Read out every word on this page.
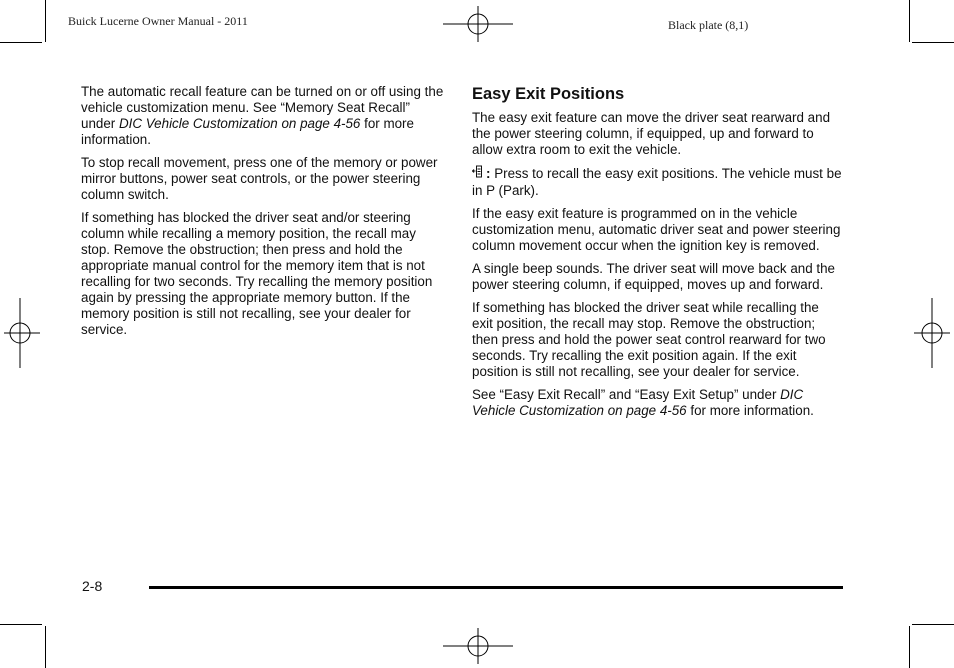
Buick Lucerne Owner Manual - 2011	Black plate (8,1)

The automatic recall feature can be turned on or off using the vehicle customization menu. See “Memory Seat Recall” under DIC Vehicle Customization on page 4-56 for more information.

To stop recall movement, press one of the memory or power mirror buttons, power seat controls, or the power steering column switch.

If something has blocked the driver seat and/or steering column while recalling a memory position, the recall may stop. Remove the obstruction; then press and hold the appropriate manual control for the memory item that is not recalling for two seconds. Try recalling the memory position again by pressing the appropriate memory button. If the memory position is still not recalling, see your dealer for service.

Easy Exit Positions

The easy exit feature can move the driver seat rearward and the power steering column, if equipped, up and forward to allow extra room to exit the vehicle.

: Press to recall the easy exit positions. The vehicle must be in P (Park).

If the easy exit feature is programmed on in the vehicle customization menu, automatic driver seat and power steering column movement occur when the ignition key is removed.

A single beep sounds. The driver seat will move back and the power steering column, if equipped, moves up and forward.

If something has blocked the driver seat while recalling the exit position, the recall may stop. Remove the obstruction; then press and hold the power seat control rearward for two seconds. Try recalling the exit position again. If the exit position is still not recalling, see your dealer for service.

See “Easy Exit Recall” and “Easy Exit Setup” under DIC Vehicle Customization on page 4-56 for more information.

2-8
